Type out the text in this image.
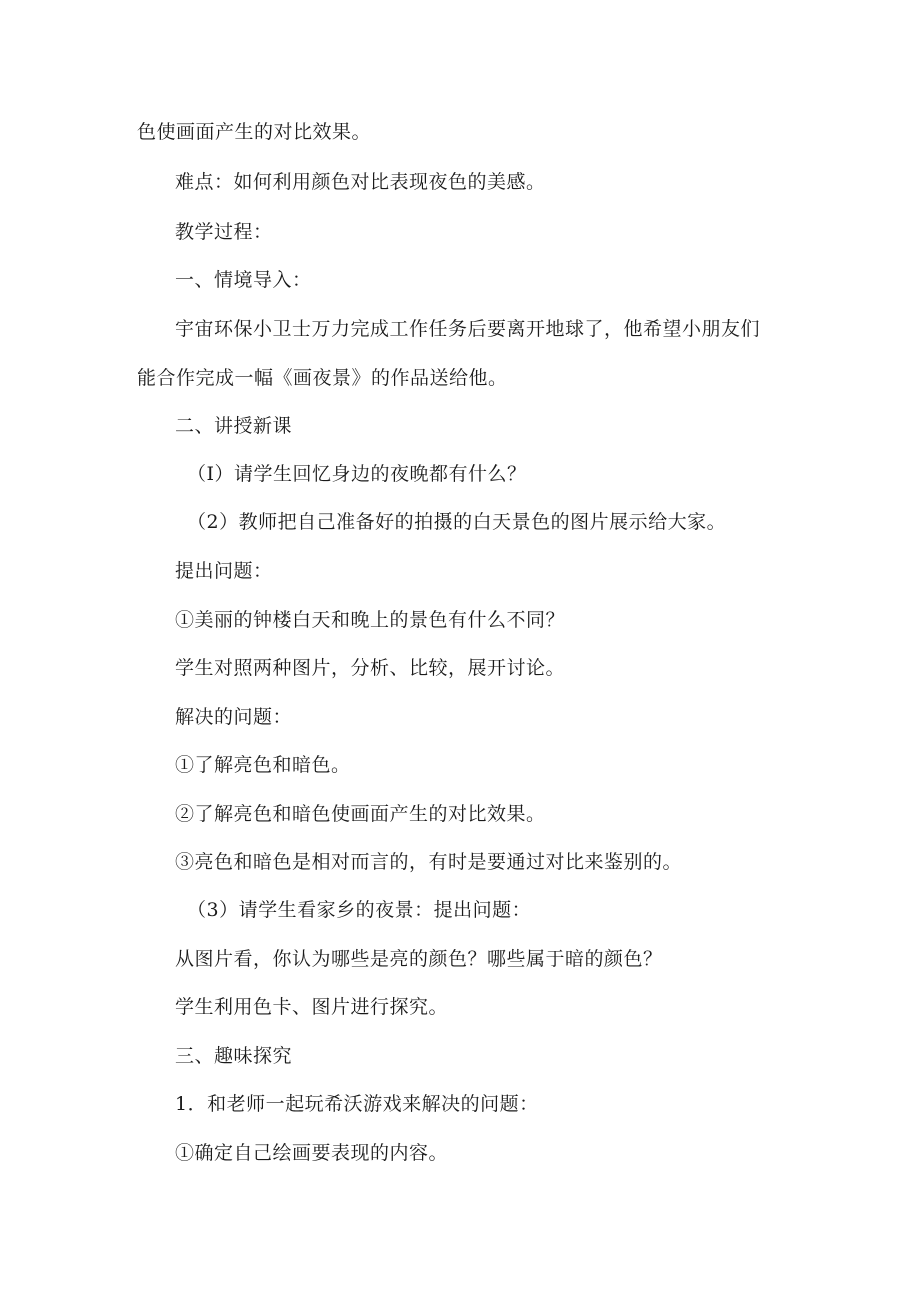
色使画面产生的对比效果。
难点：如何利用颜色对比表现夜色的美感。
教学过程：
一、情境导入：
宇宙环保小卫士万力完成工作任务后要离开地球了，他希望小朋友们
能合作完成一幅《画夜景》的作品送给他。
二、讲授新课
（I）请学生回忆身边的夜晚都有什么？
（2）教师把自己准备好的拍摄的白天景色的图片展示给大家。
提出问题：
①美丽的钟楼白天和晚上的景色有什么不同？
学生对照两种图片，分析、比较，展开讨论。
解决的问题：
①了解亮色和暗色。
②了解亮色和暗色使画面产生的对比效果。
③亮色和暗色是相对而言的，有时是要通过对比来鉴别的。
（3）请学生看家乡的夜景：提出问题：
从图片看，你认为哪些是亮的颜色？哪些属于暗的颜色？
学生利用色卡、图片进行探究。
三、趣味探究
1．和老师一起玩希沃游戏来解决的问题：
①确定自己绘画要表现的内容。
